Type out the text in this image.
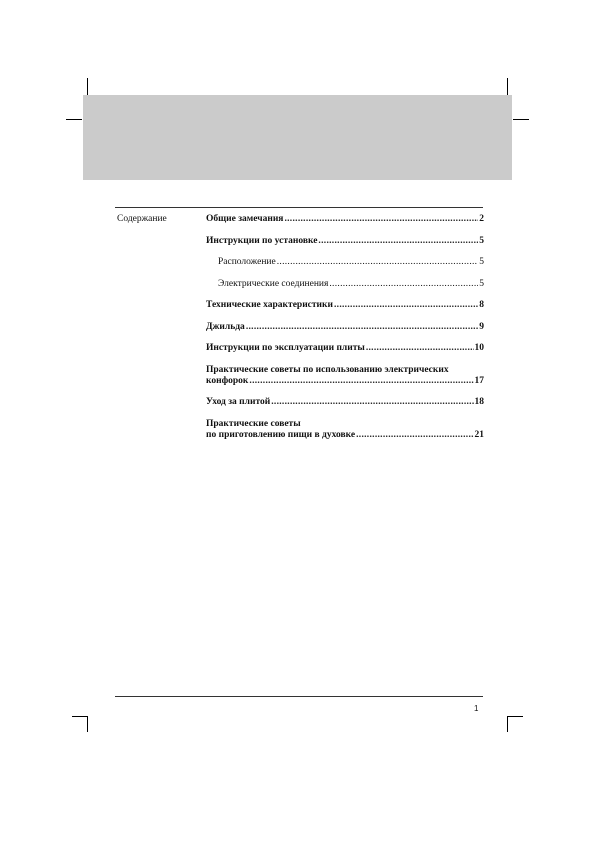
Содержание	Общие замечания .....	2
Инструкции по установке .....	5
Расположение .....	5
Электрические соединения .....	5
Технические характеристики .....	8
Джильда .....	9
Инструкции по эксплуатации плиты .....	10
Практические советы по использованию электрических
конфорок .....	17
Уход за плитой .....	18
Практические советы
по приготовлению пищи в духовке .....	21
1
